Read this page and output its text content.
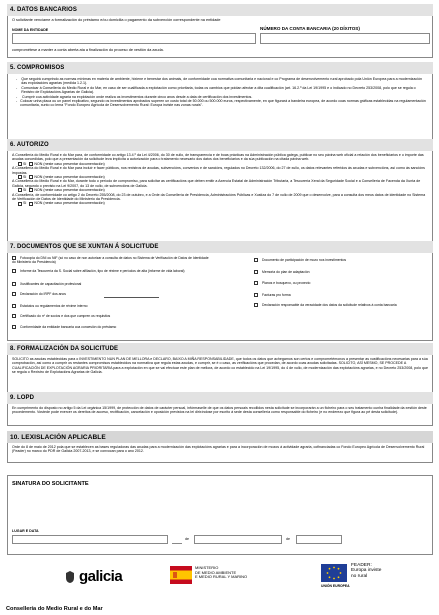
4. DATOS BANCARIOS
O solicitante vencíame a formalización do préstamo e/ou domicilia o pagamento da subvención correspondente na entidade
NOME DA ENTIDADE	NÚMERO DA CONTA BANCARIA (20 DÍXITOS)
comprométese a manter a conta aberta ata a finalización do proceso de xestión da axuda.
5. COMPROMISOS
-	Que seguirá cumprindo as normas mínimas en materia de ambiente, hixiene e benestar dos animais, de conformidade coa normativa comunitaria e nacional e co Programa de desenvolvemento rural aprobado pola Unión Europea para a modernización das explotacións agrarias (medida 1.2.1).
-	Comunicar á Consellería do Medio Rural e do Mar, en caso de ser cualificada a explotación como prioritaria, todas os cambios que poidan afectar a dita cualificación (art. 16.2.º da Lei 19/1995 e o indicado no Decreto 253/2008, polo que se regula o Rexistro de Explotacións Agrarias de Galicia).
-	Cumprir coa actividade agraria na explotación onde realiza os investimentos durante cinco anos desde a data de certificación dos investimentos.
- Colocar unha placa ou un panel explicativo, segundo os investimentos aprobados superen un custo total de 50.000 ou 500.000 euros, respectivamente, en que figurará a bandeira europea, de acordo coas normas gráficas establecidas na regulamentación comunitaria, xunto co lema "Fondo Europeo Agrícola de Desenvolvemento Rural: Europa inviste nas zonas rurais".
6. AUTORIZO
A Consellería do Medio Rural e do Mar para, de conformidade co artigo 13.4.º da Lei 4/2006, do 30 de xullo, de transparencia e de boas prácticas na Administración pública galega, publicar no seu páxina web oficial a relación dos beneficiarios e o importe das axudas concedidas, polo que a presentación da solicitude leva implícita a autorización para o tratamento necesario dos datos dos beneficiarios e da súa publicación na citada páxina web.
SI NON (neste caso presentar documentación)
A Consellería do Medio Rural e do Mar para incluír e facer públicos, nos rexistros de axudas, subvencións, convenios e de sancións, regulados no Decreto 132/2006, do 27 de xullo, os datos relevantes referidos ás axudas e subvencións, así como ás sancións impostas.
SI NON (neste caso presentar documentación)
A Consellería do Medio Rural e do Mar, durante todo o período de compromiso, para solicitar as certificacións que deben emitir a Axencia Estatal de Administración Tributaria, a Tesourería Xeral da Seguridade Social e a Consellería de Facenda da Xunta de Galicia, segundo o previsto na Lei 9/2007, do 13 de xullo, de subvencións de Galicia.
SI NON (neste caso presentar documentación)
A Consellería, de conformidade co artigo 2 do Decreto 255/2008, do 23 de outubro, e a Orde da Consellería de Presidencia, Administracións Públicas e Xustiza do 7 de xullo de 2009 que o desenvolve, para a consulta dos meus datos de identidade no Sistema de Verificación de Datos de Identidade do Ministerio da Presidencia.
SI NON (neste caso presentar documentación)
7. DOCUMENTOS QUE SE XUNTAN Á SOLICITUDE
Fotocopia do DNI ou NIF (só no caso de non autorizar a consulta de datos no Sistema de Verificación de Datos de Identidade do Ministerio da Presidencia)
Informe da Tesourería da S. Social sobre afiliación, tipo de réxime e períodos de alta (informe de vida laboral)
Xustificantes de capacitación profesional
Declaración do IRPF dos anos
Estatutos ou regulamentos de réxime interno
Certificado do nº de socios e dos que cumpren os requisitos
Conformidade da entidade bancaria coa concesión do préstamo
Documento de participación de mozo nos investimentos
Memoria do plan de adaptación
Planos e bosquexo, ou proxecto
Facturas pro forma
Declaración responsable da veracidade dos datos da solicitude relativos á conta bancaria
8. FORMALIZACIÓN DA SOLICITUDE
SOLICITO as axudas establecidas para o INVESTIMENTO NUN PLAN DE MELLORA e DECLARO, BAIXO A MIÑA RESPONSABILIDADE, que todos os datos que achegamos son certos e comprometémonos a presentar as xustificacións necesarias para a súa comprobación, así como a cumprir os restantes compromisos establecidos na normativa que regula estas axudas, e cumprir, se é o caso, as verificacións que procedan, de acordo coas axudas solicitadas. SOLICITO, ASÍ MESMO, SE PROCEDE A CUALIFICACIÓN DE EXPLOTACIÓN AGRARIA PRIORITARIA para a explotación en que se vai efectuar este plan de mellora, de acordo co establecido na Lei 19/1995, do 4 de xullo, de modernización das explotacións agrarias, e no Decreto 253/2008, polo que se regula o Rexistro de Explotacións Agrarias de Galicia.
9. LOPD
En cumprimento do disposto no artigo 5 da Lei orgánica 15/1999, de protección de datos de carácter persoal, infórmaselle de que os datos persoais recollidos nesta solicitude se incorporarán a un ficheiro para o seu tratamento cunha finalidade da xestión deste procedemento. Vostede pode exercer os dereitos de acceso, rectificación, cancelación e oposición previstos na lei dirixíndose por escrito á sede desta consellería como responsable do ficheiro (e no enderezo que figura ao pé desta solicitude).
10. LEXISLACIÓN APLICABLE
Orde do 8 de maio de 2012 pola que se establecen as bases reguladoras das axudas para a modernización das explotacións agrarias e para a incorporación de mozos á actividade agraria, cofinanciadas co Fondo Europeo Agrícola de Desenvolvemento Rural (Feader) no marco do PDR de Galicia 2007-2013, e se convocan para o ano 2012.
SINATURA DO SOLICITANTE
LUGAR E DATA
de	de
galicia
MINISTERIO
DE MEDIO AMBIENTE
E MEDIO RURAL Y MARINO
FEADER:
Europa inviste
no rural
UNIÓN EUROPEA
Consellería do Medio Rural e do Mar
